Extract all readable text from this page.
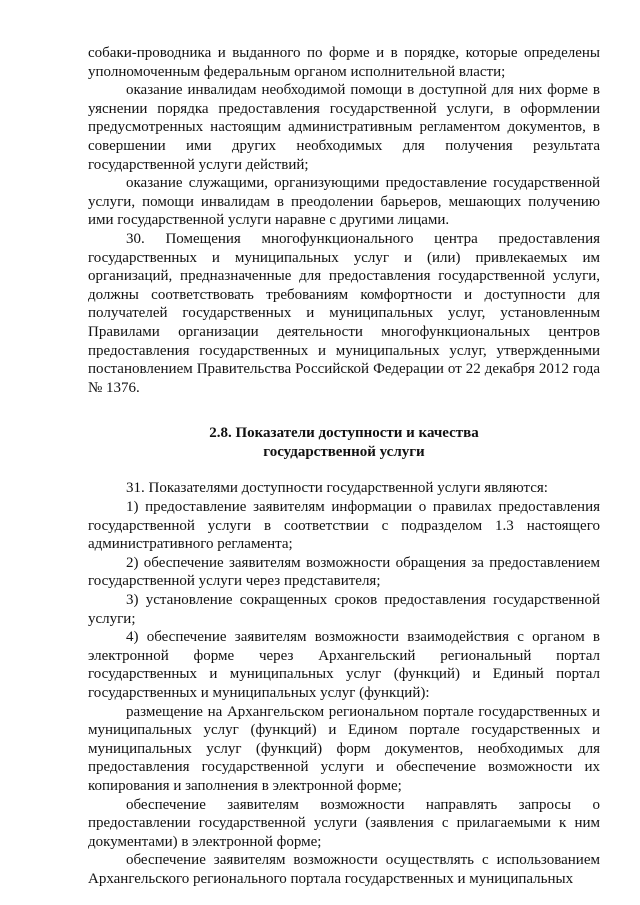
собаки-проводника и выданного по форме и в порядке, которые определены уполномоченным федеральным органом исполнительной власти;

оказание инвалидам необходимой помощи в доступной для них форме в уяснении порядка предоставления государственной услуги, в оформлении предусмотренных настоящим административным регламентом документов, в совершении ими других необходимых для получения результата государственной услуги действий;

оказание служащими, организующими предоставление государственной услуги, помощи инвалидам в преодолении барьеров, мешающих получению ими государственной услуги наравне с другими лицами.

30. Помещения многофункционального центра предоставления государственных и муниципальных услуг и (или) привлекаемых им организаций, предназначенные для предоставления государственной услуги, должны соответствовать требованиям комфортности и доступности для получателей государственных и муниципальных услуг, установленным Правилами организации деятельности многофункциональных центров предоставления государственных и муниципальных услуг, утвержденными постановлением Правительства Российской Федерации от 22 декабря 2012 года № 1376.

2.8. Показатели доступности и качества
государственной услуги

31. Показателями доступности государственной услуги являются:

1) предоставление заявителям информации о правилах предоставления государственной услуги в соответствии с подразделом 1.3 настоящего административного регламента;

2) обеспечение заявителям возможности обращения за предоставлением государственной услуги через представителя;

3) установление сокращенных сроков предоставления государственной услуги;

4) обеспечение заявителям возможности взаимодействия с органом в электронной форме через Архангельский региональный портал государственных и муниципальных услуг (функций) и Единый портал государственных и муниципальных услуг (функций):

размещение на Архангельском региональном портале государственных и муниципальных услуг (функций) и Едином портале государственных и муниципальных услуг (функций) форм документов, необходимых для предоставления государственной услуги и обеспечение возможности их копирования и заполнения в электронной форме;

обеспечение заявителям возможности направлять запросы о предоставлении государственной услуги (заявления с прилагаемыми к ним документами) в электронной форме;

обеспечение заявителям возможности осуществлять с использованием Архангельского регионального портала государственных и муниципальных
